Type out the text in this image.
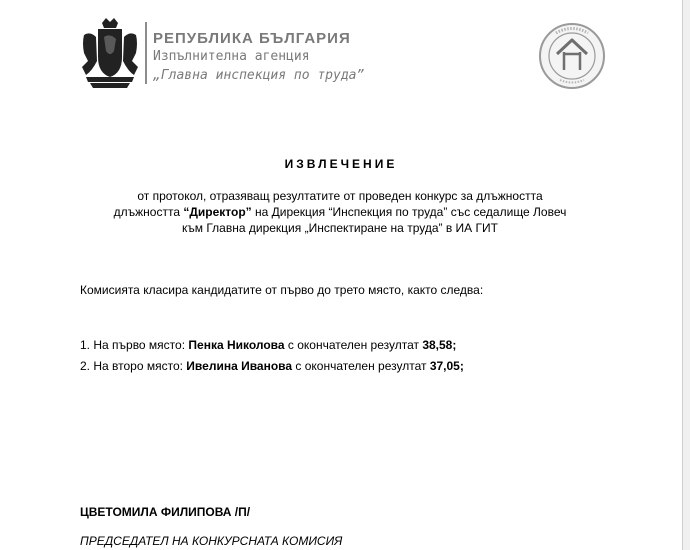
РЕПУБЛИКА БЪЛГАРИЯ
Изпълнителна агенция
„Главна инспекция по труда”
ИЗВЛЕЧЕНИЕ
от протокол, отразяващ резултатите от проведен конкурс за длъжността
длъжността “Директор” на Дирекция “Инспекция по труда” със седалище Ловеч
към Главна дирекция „Инспектиране на труда” в ИА ГИТ
Комисията класира кандидатите от първо до трето място, както следва:
1. На първо място: Пенка Николова с окончателен резултат 38,58;
2. На второ място: Ивелина Иванова с окончателен резултат 37,05;
ЦВЕТОМИЛА ФИЛИПОВА /П/
ПРЕДСЕДАТЕЛ НА КОНКУРСНАТА КОМИСИЯ
